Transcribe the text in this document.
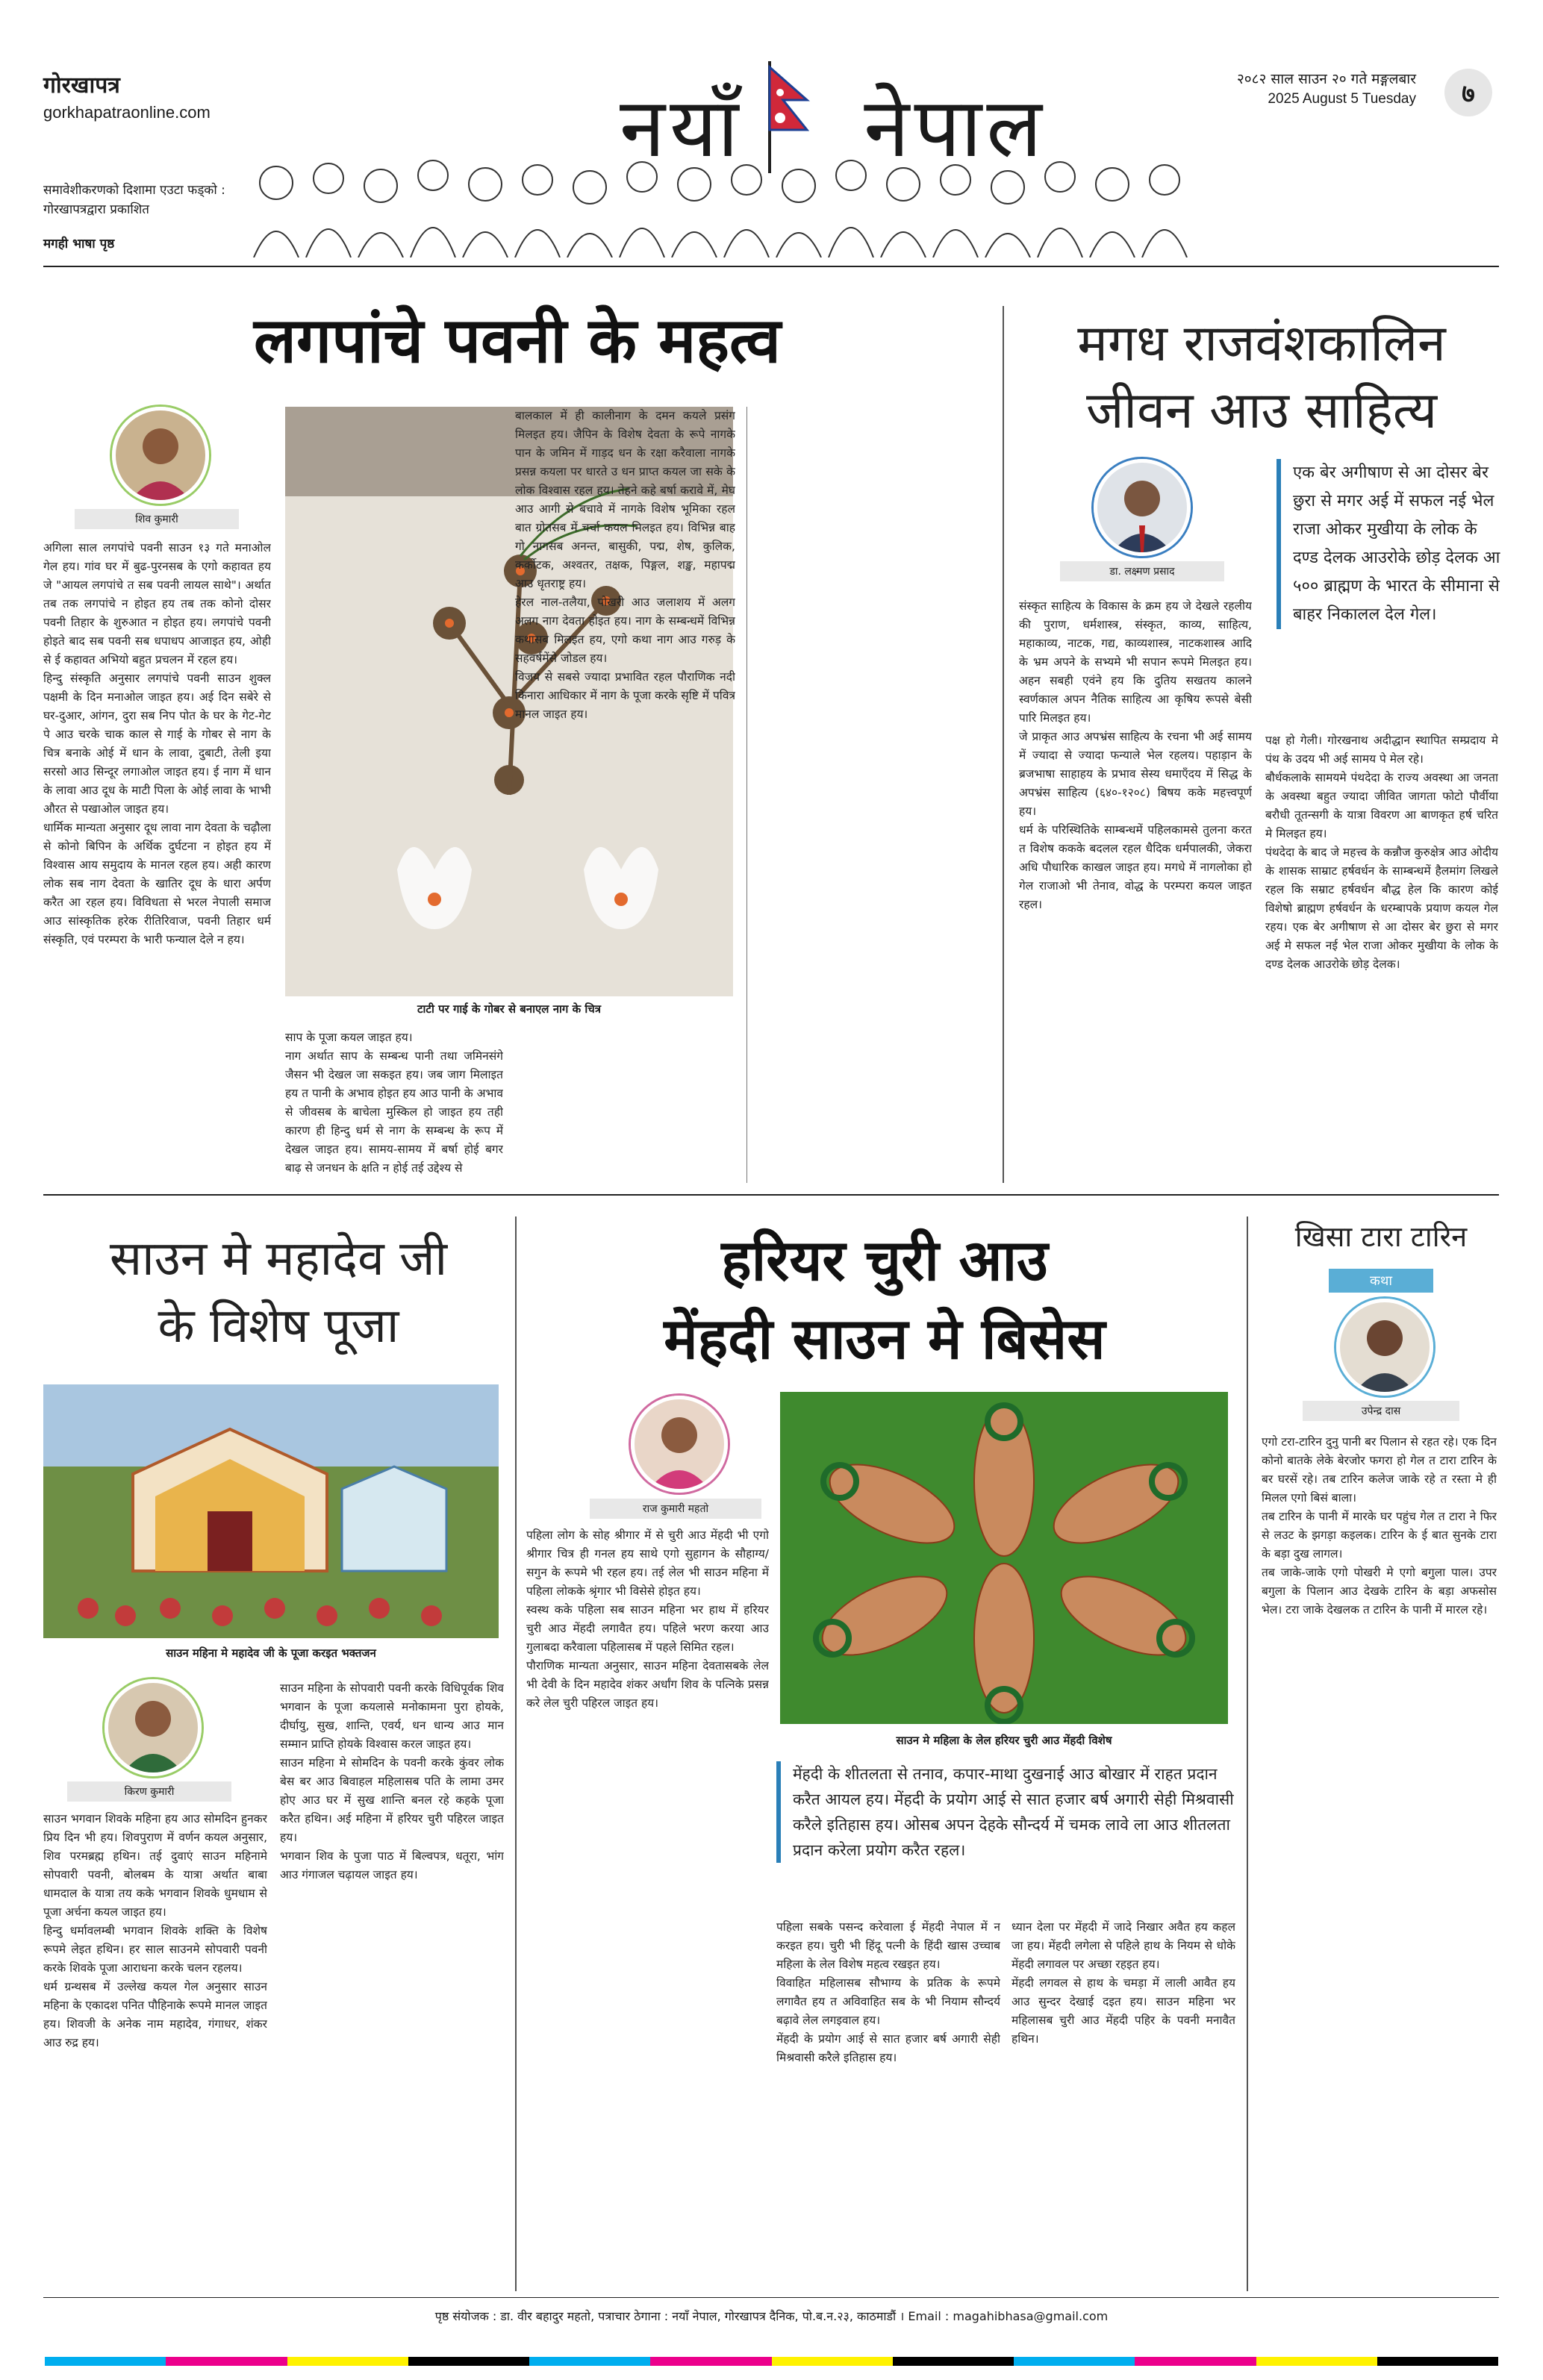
गोरखापत्र
gorkhapatraonline.com
समावेशीकरणको दिशामा एउटा फड्को : गोरखापत्रद्वारा प्रकाशित
मगही भाषा पृष्ठ
नयाँ नेपाल
२०८२ साल साउन २० गते मङ्गलबार
2025 August 5 Tuesday	७
लगपांचे पवनी के महत्व
शिव कुमारी

अगिला साल लगपांचे पवनी साउन १३ गते मनाओल गेल हय। गांव घर में बुढ-पुरनसब के एगो कहावत हय जे "आयल लगपांचे त सब पवनी लायल साथे"। अर्थात तब तक लगपांचे न होइत हय तब तक कोनो दोसर पवनी तिहार के शुरुआत न होइत हय। लगपांचे पवनी होइते बाद सब पवनी सब धपाधप आजाइत हय, ओही से ई कहावत अभियो बहुत प्रचलन में रहल हय।
हिन्दु संस्कृति अनुसार लगपांचे पवनी साउन शुक्ल पक्षमी के दिन मनाओल जाइत हय। अई दिन सबेरे से घर-दुआर, आंगन, दुरा सब निप पोत के घर के गेट-गेट पे आउ चरके चाक काल से गाई के गोबर से नाग के चित्र बनाके ओई में धान के लावा, दुबाटी, तेली इया सरसो आउ सिन्दूर लगाओल जाइत हय। ई नाग में धान के लावा आउ दूध के माटी पिला के ओई लावा के भाभी औरत से पखाओल जाइत हय।
धार्मिक मान्यता अनुसार दूध लावा नाग देवता के चढ़ौला से कोनो बिपिन के अर्थिक दुर्घटना न होइत हय में विश्वास आय समुदाय के मानल रहल हय। अही कारण लोक सब नाग देवता के खातिर दूध के धारा अर्पण करैत आ रहल हय। विविधता से भरल नेपाली समाज आउ सांस्कृतिक हरेक रीतिरिवाज, पवनी तिहार धर्म संस्कृति, एवं परम्परा के भारी फन्याल देले न हय।

टाटी पर गाई के गोबर से बनाएल नाग के चित्र

साप के पूजा कयल जाइत हय।
नाग अर्थात साप के सम्बन्ध पानी तथा जमिनसंगे जैसन भी देखल जा सकइत हय। जब जाग मिलाइत हय त पानी के अभाव होइत हय आउ पानी के अभाव से जीवसब के बाचेला मुस्किल हो जाइत हय तही कारण ही हिन्दु धर्म से नाग के सम्बन्ध के रूप में देखल जाइत हय। सामय-सामय में बर्षा होई बगर बाढ़ से जनधन के क्षति न होई तई उद्देश्य से

बालकाल में ही कालीनाग के दमन कयले प्रसंग मिलइत हय। जैपिन के विशेष देवता के रूपे नागके पान के जमिन में गाड़द धन के रक्षा करैवाला नागके प्रसन्न कयला पर धारते उ धन प्राप्त कयल जा सके के लोक विश्वास रहल हय। तेहने कहे बर्षा करावे में, मेघ आउ आगी से बचावे में नागके विशेष भूमिका रहल बात ग्रोतसब में चर्चा कयल मिलइत हय। विभिन्न बाह गो नागसब अनन्त, बासुकी, पद्म, शेष, कुलिक, कर्कोटक, अश्वतर, तक्षक, पिङ्गल, शङ्ख, महापद्म आउ धृतराष्ट्र हय।
हेरल नाल-तलैया, पोखरी आउ जलाशय में अलग अलग नाग देवता होइत हय। नाग के सम्बन्धमें विभिन्न कथासब मिलइत हय, एगो कथा नाग आउ गरुड़ के सहवर्षमेंसे जोडल हय।
विजय से सबसे ज्यादा प्रभावित रहल पौराणिक नदी किनारा आधिकार में नाग के पूजा करके सृष्टि में पवित्र मानल जाइत हय।

मगध राजवंशकालिन
जीवन आउ साहित्य
डा. लक्ष्मण प्रसाद
एक बेर अगीषाण से आ दोसर बेर छुरा से मगर अई में सफल नई भेल राजा ओकर मुखीया के लोक के दण्ड देलक आउरोके छोड़ देलक आ ५०० ब्राह्मण के भारत के सीमाना से बाहर निकालल देल गेल।

संस्कृत साहित्य के विकास के क्रम हय जे देखले रहलीय की पुराण, धर्मशास्त्र, संस्कृत, काव्य, साहित्य, महाकाव्य, नाटक, गद्य, काव्यशास्त्र, नाटकशास्त्र आदि के भ्रम अपने के सभ्यमे भी सपान रूपमे मिलइत हय। अहन सबही एवंने हय कि दुतिय सखतय कालने स्वर्णकाल अपन नैतिक साहित्य आ कृषिय रूपसे बेसी पारि मिलइत हय।
जे प्राकृत आउ अपभ्रंस साहित्य के रचना भी अई सामय में ज्यादा से ज्यादा फन्याले भेल रहलय। पहाड़ान के ब्रजभाषा साहाहय के प्रभाव सेस्य धमाएँदय में सिद्ध के अपभ्रंस साहित्य (६४०-१२०८) बिषय कके महत्त्वपूर्ण हय।
धर्म के परिस्थितिके साम्बन्धमें पहिलकामसे तुलना करत त विशेष ककके बदलल रहल धैदिक धर्मपालकी, जेकरा अधि पौधारिक काखल जाइत हय। मगधे में नागलोका हो गेल राजाओ भी तेनाव, वोद्ध के परम्परा कयल जाइत रहल।

पक्ष हो गेली। गोरखनाथ अदीद्धान स्थापित सम्प्रदाय मे पंथ के उदय भी अई सामय पे मेल रहे।
बौर्धकलाके सामयमे पंथदेदा के राज्य अवस्था आ जनता के अवस्था बहुत ज्यादा जीवित जागता फोटो पौर्वीया बरौधी तूतन्सगी के यात्रा विवरण आ बाणकृत हर्ष चरित मे मिलइत हय।
पंथदेदा के बाद जे महत्त्व के कन्नौज कुरुक्षेत्र आउ ओदीय के शासक साम्राट हर्षवर्धन के साम्बन्धमें हैलमांग लिखले रहल कि सम्राट हर्षवर्धन बौद्ध हेल कि कारण कोई विशेषो ब्राह्मण हर्षवर्धन के धरम्बापके प्रयाण कयल गेल रहय। एक बेर अगीषाण से आ दोसर बेर छुरा से मगर अई मे सफल नई भेल राजा ओकर मुखीया के लोक के दण्ड देलक आउरोके छोड़ देलक।

साउन मे महादेव जी
के विशेष पूजा
साउन महिना मे महादेव जी के पूजा करइत भक्तजन
किरण कुमारी

साउन भगवान शिवके महिना हय आउ सोमदिन हुनकर प्रिय दिन भी हय। शिवपुराण में वर्णन कयल अनुसार, शिव परमब्रह्म हथिन। तई दुवाएं साउन महिनामे सोपवारी पवनी, बोलबम के यात्रा अर्थात बाबा धामदाल के यात्रा तय कके भगवान शिवके धुमधाम से पूजा अर्चना कयल जाइत हय।
हिन्दु धर्मावलम्बी भगवान शिवके शक्ति के विशेष रूपमे लेइत हथिन। हर साल साउनमे सोपवारी पवनी करके शिवके पूजा आराधना करके चलन रहलय।
धर्म ग्रन्थसब में उल्लेख कयल गेल अनुसार साउन महिना के एकादश पनित पौहिनाके रूपमे मानल जाइत हय। शिवजी के अनेक नाम महादेव, गंगाधर, शंकर आउ रुद्र हय।

साउन महिना के सोपवारी पवनी करके विधिपूर्वक शिव भगवान के पूजा कयलासे मनोकामना पुरा होयके, दीर्घायु, सुख, शान्ति, एवर्य, धन धान्य आउ मान सम्मान प्राप्ति होयके विश्वास करल जाइत हय।
साउन महिना मे सोमदिन के पवनी करके कुंवर लोक बेस बर आउ बिवाहल महिलासब पति के लामा उमर होए आउ घर में सुख शान्ति बनल रहे कहके पूजा करैत हथिन। अई महिना में हरियर चुरी पहिरल जाइत हय।
भगवान शिव के पुजा पाठ में बिल्वपत्र, धतूरा, भांग आउ गंगाजल चढ़ायल जाइत हय।

हरियर चुरी आउ
मेंहदी साउन मे बिसेस
राज कुमारी महतो
साउन मे महिला के लेल हरियर चुरी आउ मेंहदी विशेष

पहिला लोग के सोह श्रीगार में से चुरी आउ मेंहदी भी एगो श्रीगार चित्र ही गनल हय साथे एगो सुहागन के सौहाग्य/सगुन के रूपमे भी रहल हय। तई लेल भी साउन महिना में पहिला लोकके श्रृंगार भी विसेसे होइत हय।
स्वस्थ कके पहिला सब साउन महिना भर हाथ में हरियर चुरी आउ मेंहदी लगावैत हय। पहिले भरण करया आउ गुलाबदा करैवाला पहिलासब में पहले सिमित रहल।
पौराणिक मान्यता अनुसार, साउन महिना देवतासबके लेल भी देवी के दिन महादेव शंकर अर्धांग शिव के पत्निके प्रसन्न करे लेल चुरी पहिरल जाइत हय।

मेंहदी के शीतलता से तनाव, कपार-माथा दुखनाई आउ बोखार में राहत प्रदान करैत आयल हय। मेंहदी के प्रयोग आई से सात हजार बर्ष अगारी सेही मिश्रवासी करैले इतिहास हय। ओसब अपन देहके सौन्दर्य में चमक लावे ला आउ शीतलता प्रदान करेला प्रयोग करैत रहल।

पहिला सबके पसन्द करेवाला ई मेंहदी नेपाल में न करइत हय। चुरी भी हिंदू पत्नी के हिंदी खास उच्चाब महिला के लेल विशेष महत्व रखइत हय।
विवाहित महिलासब सौभाग्य के प्रतिक के रूपमे लगावैत हय त अविवाहित सब के भी नियाम सौन्दर्य बढ़ावे लेल लगइवाल हय।
मेंहदी के प्रयोग आई से सात हजार बर्ष अगारी सेही मिश्रवासी करैले इतिहास हय।

ध्यान देला पर मेंहदी में जादे निखार अवैत हय कहल जा हय। मेंहदी लगेला से पहिले हाथ के नियम से धोके मेंहदी लगावल पर अच्छा रहइत हय।
मेंहदी लगवल से हाथ के चमड़ा में लाली आवैत हय आउ सुन्दर देखाई दइत हय। साउन महिना भर महिलासब चुरी आउ मेंहदी पहिर के पवनी मनावैत हथिन।

खिसा टारा टारिन
कथा
उपेन्द्र दास

एगो टरा-टारिन दुनु पानी बर पिलान से रहत रहे। एक दिन कोनो बातके लेके बेरजोर फगरा हो गेल त टारा टारिन के बर घरसें रहे। तब टारिन कलेज जाके रहे त रस्ता मे ही मिलल एगो बिसं बाला।
तब टारिन के पानी में मारके घर पहुंच गेल त टारा ने फिर से लउट के झगड़ा कइलक। टारिन के ई बात सुनके टारा के बड़ा दुख लागल।
तब जाके-जाके एगो पोखरी मे एगो बगुला पाल। उपर बगुला के पिलान आउ देखके टारिन के बड़ा अफसोस भेल। टरा जाके देखलक त टारिन के पानी में मारल रहे।

पृष्ठ संयोजक : डा. वीर बहादुर महतो, पत्राचार ठेगाना : नयाँ नेपाल, गोरखापत्र दैनिक, पो.ब.न.२३, काठमाडौं । Email : magahibhasa@gmail.com
